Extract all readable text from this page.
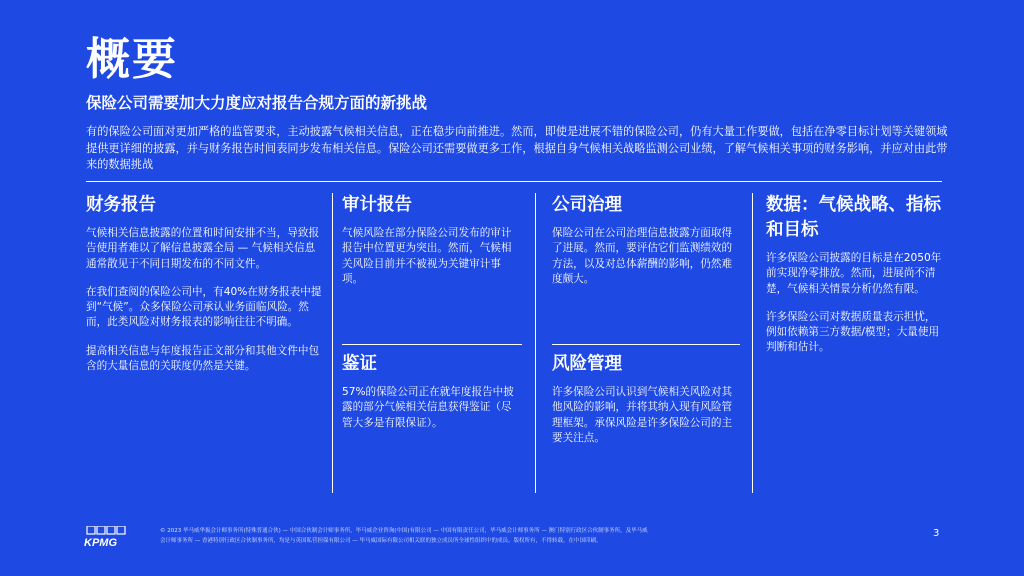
概要
保险公司需要加大力度应对报告合规方面的新挑战
有的保险公司面对更加严格的监管要求，主动披露气候相关信息，正在稳步向前推进。然而，即使是进展不错的保险公司，仍有大量工作要做，包括在净零目标计划等关键领域提供更详细的披露，并与财务报告时间表同步发布相关信息。保险公司还需要做更多工作，根据自身气候相关战略监测公司业绩，了解气候相关事项的财务影响，并应对由此带来的数据挑战
财务报告

气候相关信息披露的位置和时间安排不当，导致报告使用者难以了解信息披露全局 — 气候相关信息通常散见于不同日期发布的不同文件。

在我们查阅的保险公司中，有40%在财务报表中提到“气候”。众多保险公司承认业务面临风险。然而，此类风险对财务报表的影响往往不明确。

提高相关信息与年度报告正文部分和其他文件中包含的大量信息的关联度仍然是关键。

审计报告

气候风险在部分保险公司发布的审计报告中位置更为突出。然而，气候相关风险目前并不被视为关键审计事项。

鉴证

57%的保险公司正在就年度报告中披露的部分气候相关信息获得鉴证（尽管大多是有限保证）。

公司治理

保险公司在公司治理信息披露方面取得了进展。然而，要评估它们监测绩效的方法，以及对总体薪酬的影响，仍然难度颇大。

风险管理

许多保险公司认识到气候相关风险对其他风险的影响，并将其纳入现有风险管理框架。承保风险是许多保险公司的主要关注点。

数据：气候战略、指标和目标

许多保险公司披露的目标是在2050年前实现净零排放。然而，进展尚不清楚，气候相关情景分析仍然有限。

许多保险公司对数据质量表示担忧，例如依赖第三方数据/模型；大量使用判断和估计。

KPMG
© 2023 毕马威华振会计师事务所(特殊普通合伙) — 中国合伙制会计师事务所，毕马威企业咨询(中国)有限公司 — 中国有限责任公司，毕马威会计师事务所 — 澳门特别行政区合伙制事务所，及毕马威
会计师事务所 — 香港特别行政区合伙制事务所，均是与英国私营担保有限公司 — 毕马威国际有限公司相关联的独立成员所全球性组织中的成员。版权所有，不得转载。在中国印刷。
3
